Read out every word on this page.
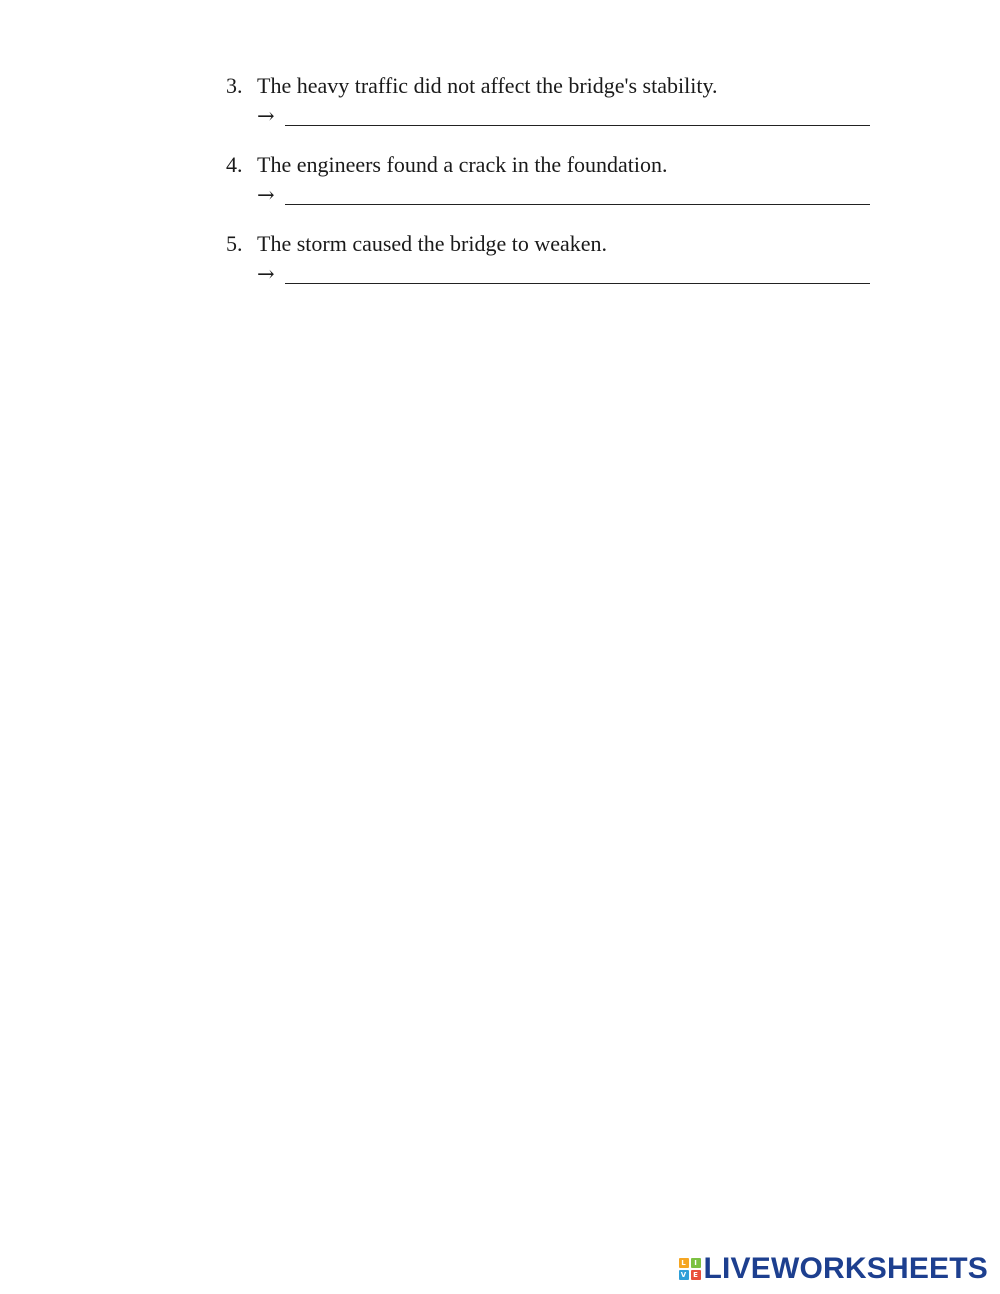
3. The heavy traffic did not affect the bridge's stability.
→
4. The engineers found a crack in the foundation.
→
5. The storm caused the bridge to weaken.
→
L	I
V E LIVEWORKSHEETS
